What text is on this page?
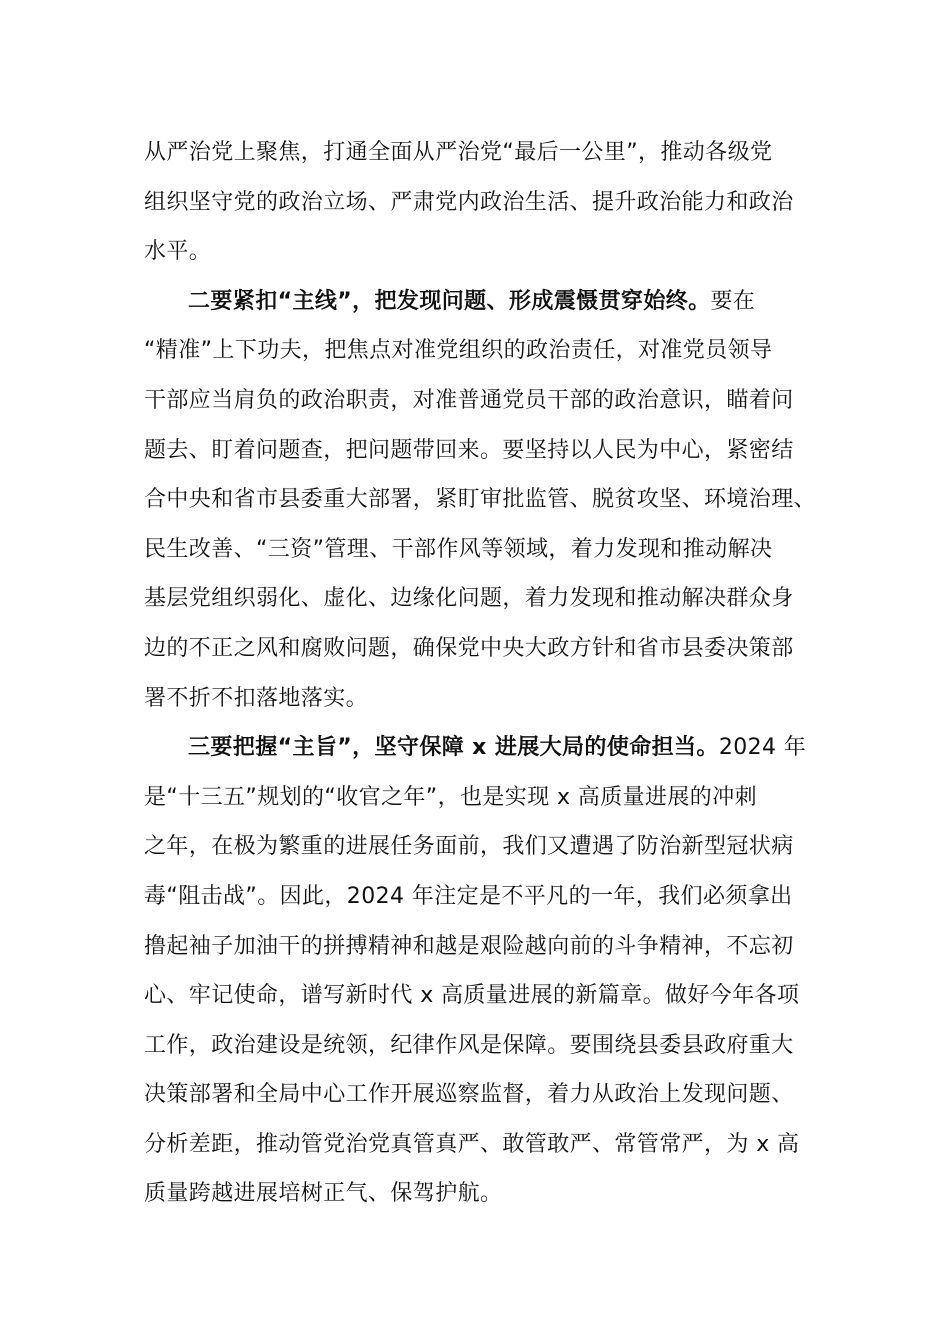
从严治党上聚焦，打通全面从严治党“最后一公里”，推动各级党
组织坚守党的政治立场、严肃党内政治生活、提升政治能力和政治
水平。
二要紧扣“主线”，把发现问题、形成震慑贯穿始终。要在
“精准”上下功夫，把焦点对准党组织的政治责任，对准党员领导
干部应当肩负的政治职责，对准普通党员干部的政治意识，瞄着问
题去、盯着问题查，把问题带回来。要坚持以人民为中心，紧密结
合中央和省市县委重大部署，紧盯审批监管、脱贫攻坚、环境治理、
民生改善、“三资”管理、干部作风等领域，着力发现和推动解决
基层党组织弱化、虚化、边缘化问题，着力发现和推动解决群众身
边的不正之风和腐败问题，确保党中央大政方针和省市县委决策部
署不折不扣落地落实。
三要把握“主旨”，坚守保障 x 进展大局的使命担当。2024 年
是“十三五”规划的“收官之年”，也是实现 x 高质量进展的冲刺
之年，在极为繁重的进展任务面前，我们又遭遇了防治新型冠状病
毒“阻击战”。因此，2024 年注定是不平凡的一年，我们必须拿出
撸起袖子加油干的拼搏精神和越是艰险越向前的斗争精神，不忘初
心、牢记使命，谱写新时代 x 高质量进展的新篇章。做好今年各项
工作，政治建设是统领，纪律作风是保障。要围绕县委县政府重大
决策部署和全局中心工作开展巡察监督，着力从政治上发现问题、
分析差距，推动管党治党真管真严、敢管敢严、常管常严，为 x 高
质量跨越进展培树正气、保驾护航。
